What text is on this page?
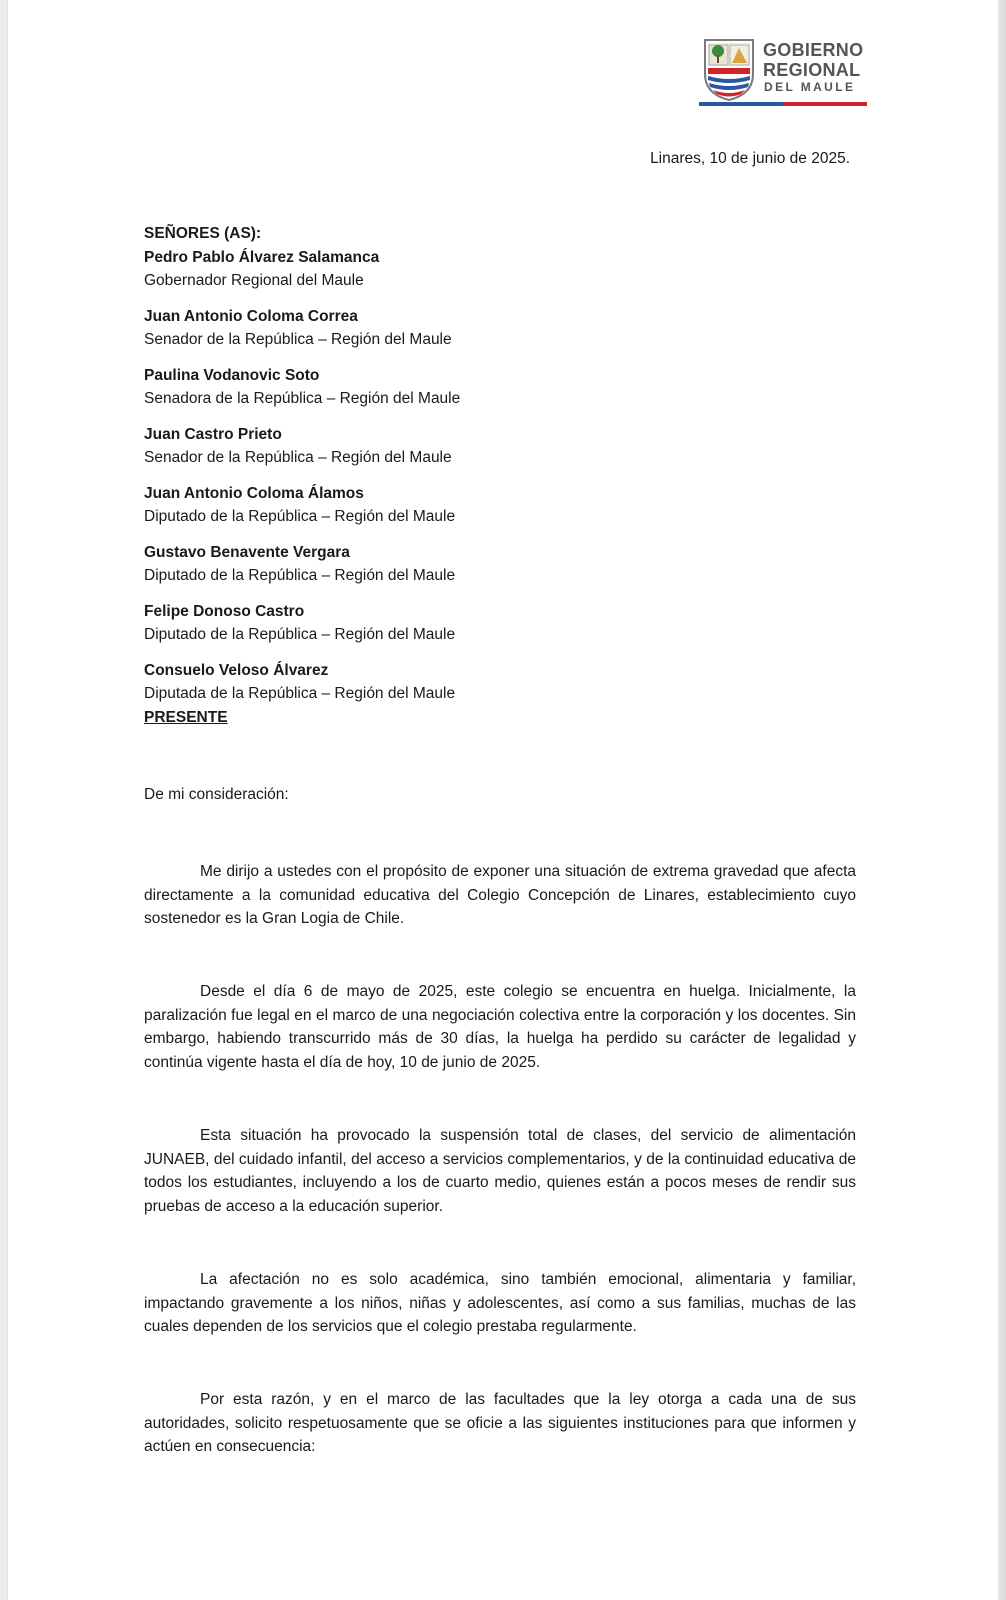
GOBIERNO
REGIONAL
DEL MAULE
Linares, 10 de junio de 2025.
SEÑORES (AS):
Pedro Pablo Álvarez Salamanca
Gobernador Regional del Maule
Juan Antonio Coloma Correa
Senador de la República – Región del Maule
Paulina Vodanovic Soto
Senadora de la República – Región del Maule
Juan Castro Prieto
Senador de la República – Región del Maule
Juan Antonio Coloma Álamos
Diputado de la República – Región del Maule
Gustavo Benavente Vergara
Diputado de la República – Región del Maule
Felipe Donoso Castro
Diputado de la República – Región del Maule
Consuelo Veloso Álvarez
Diputada de la República – Región del Maule
PRESENTE
De mi consideración:

Me dirijo a ustedes con el propósito de exponer una situación de extrema gravedad que afecta directamente a la comunidad educativa del Colegio Concepción de Linares, establecimiento cuyo sostenedor es la Gran Logia de Chile.

Desde el día 6 de mayo de 2025, este colegio se encuentra en huelga. Inicialmente, la paralización fue legal en el marco de una negociación colectiva entre la corporación y los docentes. Sin embargo, habiendo transcurrido más de 30 días, la huelga ha perdido su carácter de legalidad y continúa vigente hasta el día de hoy, 10 de junio de 2025.

Esta situación ha provocado la suspensión total de clases, del servicio de alimentación JUNAEB, del cuidado infantil, del acceso a servicios complementarios, y de la continuidad educativa de todos los estudiantes, incluyendo a los de cuarto medio, quienes están a pocos meses de rendir sus pruebas de acceso a la educación superior.

La afectación no es solo académica, sino también emocional, alimentaria y familiar, impactando gravemente a los niños, niñas y adolescentes, así como a sus familias, muchas de las cuales dependen de los servicios que el colegio prestaba regularmente.

Por esta razón, y en el marco de las facultades que la ley otorga a cada una de sus autoridades, solicito respetuosamente que se oficie a las siguientes instituciones para que informen y actúen en consecuencia:
